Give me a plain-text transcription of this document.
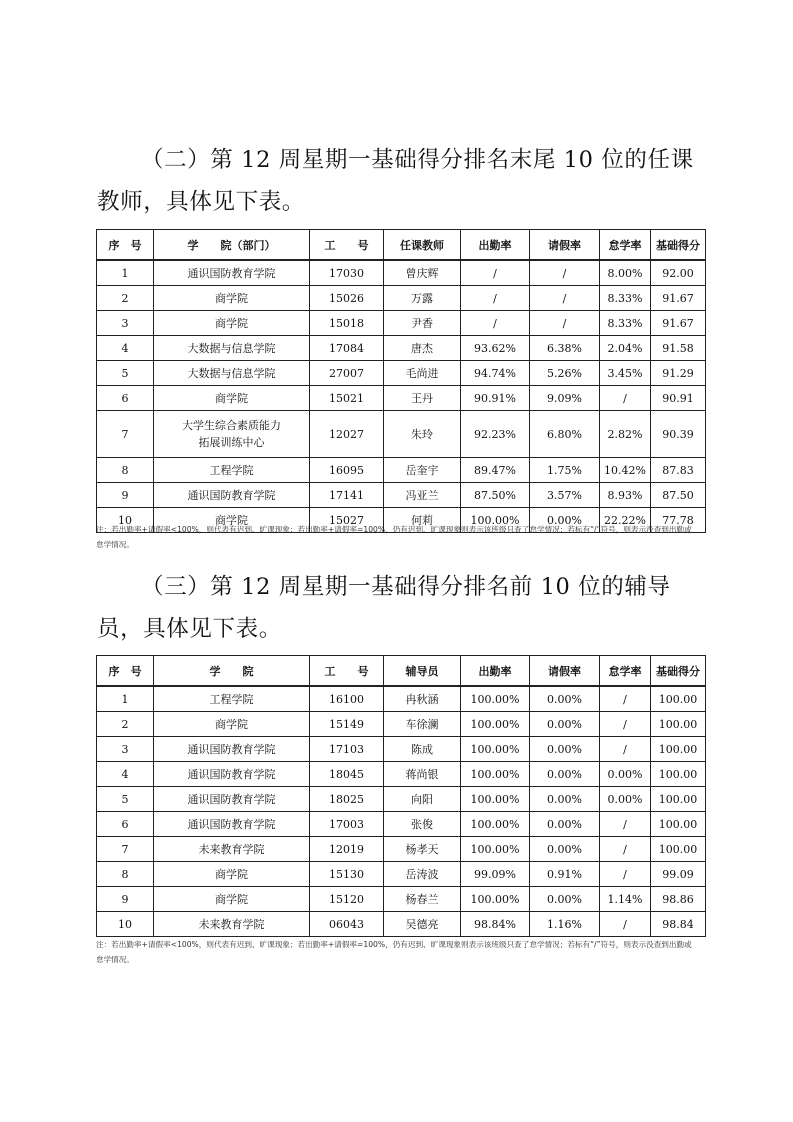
（二）第 12 周星期一基础得分排名末尾 10 位的任课教师，具体见下表。

序　号	学　　院（部门）	工　　号	任课教师	出勤率	请假率	怠学率	基础得分
1	通识国防教育学院	17030	曾庆辉	/	/	8.00%	92.00
2	商学院	15026	万露	/	/	8.33%	91.67
3	商学院	15018	尹香	/	/	8.33%	91.67
4	大数据与信息学院	17084	唐杰	93.62%	6.38%	2.04%	91.58
5	大数据与信息学院	27007	毛尚进	94.74%	5.26%	3.45%	91.29
6	商学院	15021	王丹	90.91%	9.09%	/	90.91
7	大学生综合素质能力
拓展训练中心	12027	朱玲	92.23%	6.80%	2.82%	90.39
8	工程学院	16095	岳奎宇	89.47%	1.75%	10.42%	87.83
9	通识国防教育学院	17141	冯亚兰	87.50%	3.57%	8.93%	87.50
10	商学院	15027	何莉	100.00%	0.00%	22.22%	77.78

注：若出勤率+请假率<100%，则代表有迟到、旷课现象；若出勤率+请假率=100%，仍有迟到、旷课现象则表示该班级只查了怠学情况；若标有“/”符号，则表示没查到出勤或怠学情况。

（三）第 12 周星期一基础得分排名前 10 位的辅导员，具体见下表。

序　号	学　　院	工　　号	辅导员	出勤率	请假率	怠学率	基础得分
1	工程学院	16100	冉秋涵	100.00%	0.00%	/	100.00
2	商学院	15149	车徐澜	100.00%	0.00%	/	100.00
3	通识国防教育学院	17103	陈成	100.00%	0.00%	/	100.00
4	通识国防教育学院	18045	蒋尚银	100.00%	0.00%	0.00%	100.00
5	通识国防教育学院	18025	向阳	100.00%	0.00%	0.00%	100.00
6	通识国防教育学院	17003	张俊	100.00%	0.00%	/	100.00
7	未来教育学院	12019	杨孝天	100.00%	0.00%	/	100.00
8	商学院	15130	岳涛波	99.09%	0.91%	/	99.09
9	商学院	15120	杨春兰	100.00%	0.00%	1.14%	98.86
10	未来教育学院	06043	吴德亮	98.84%	1.16%	/	98.84

注：若出勤率+请假率<100%，则代表有迟到、旷课现象；若出勤率+请假率=100%，仍有迟到、旷课现象则表示该班级只查了怠学情况；若标有“/”符号，则表示没查到出勤或怠学情况。
